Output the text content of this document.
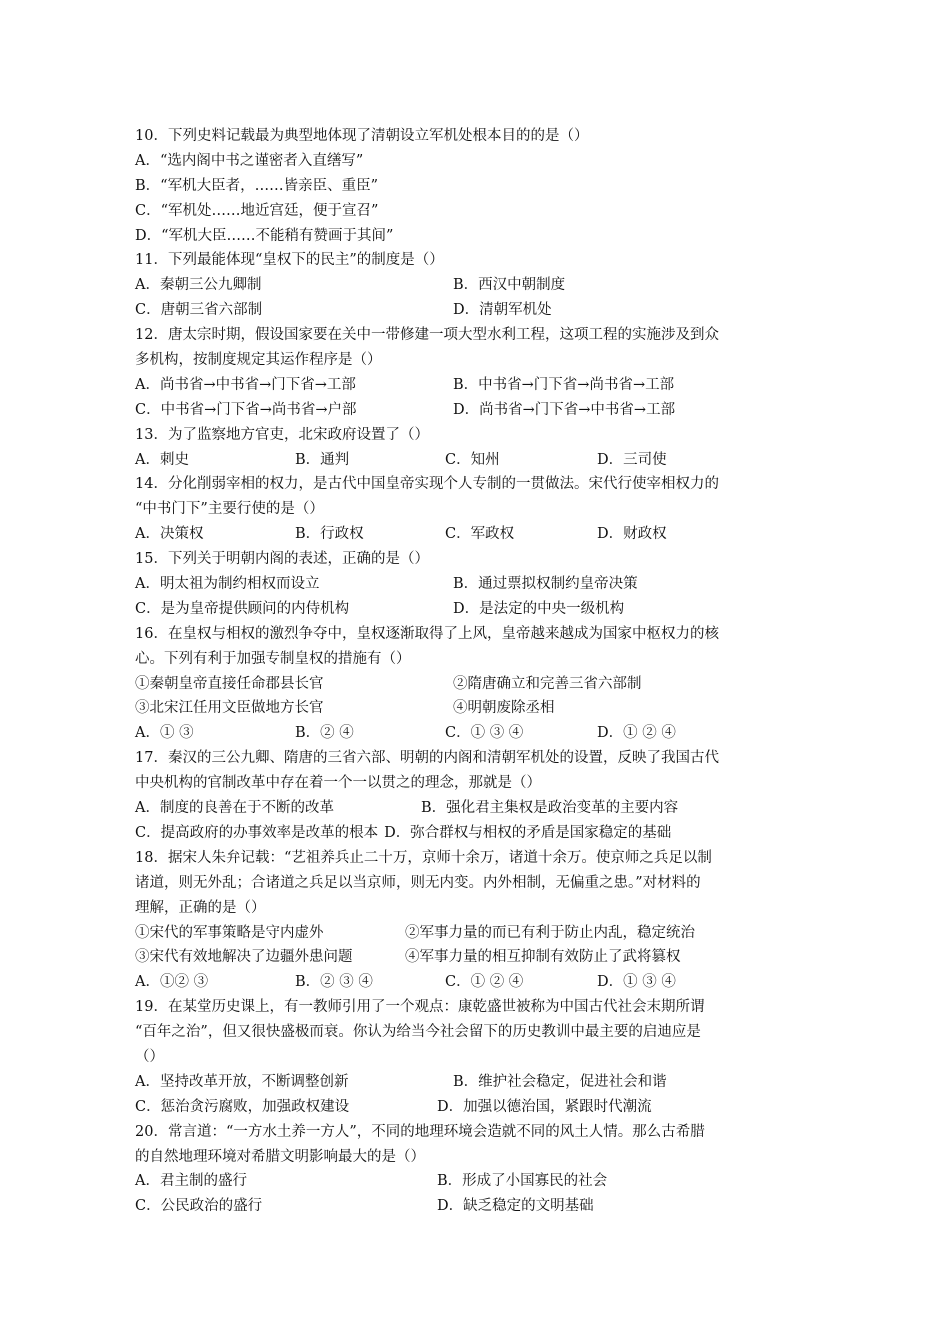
10．下列史料记载最为典型地体现了清朝设立军机处根本目的的是（）
A．“选内阁中书之谨密者入直缮写”
B．“军机大臣者，……皆亲臣、重臣”
C．“军机处……地近宫廷，便于宣召”
D．“军机大臣……不能稍有赞画于其间”
11．下列最能体现“皇权下的民主”的制度是（）
A．秦朝三公九卿制	B．西汉中朝制度
C．唐朝三省六部制	D．清朝军机处
12．唐太宗时期，假设国家要在关中一带修建一项大型水利工程，这项工程的实施涉及到众
多机构，按制度规定其运作程序是（）
A．尚书省→中书省→门下省→工部	B．中书省→门下省→尚书省→工部
C．中书省→门下省→尚书省→户部	D．尚书省→门下省→中书省→工部
13．为了监察地方官吏，北宋政府设置了（）
A．刺史	B．通判	C．知州	D．三司使
14．分化削弱宰相的权力，是古代中国皇帝实现个人专制的一贯做法。宋代行使宰相权力的
“中书门下”主要行使的是（）
A．决策权	B．行政权	C．军政权	D．财政权
15．下列关于明朝内阁的表述，正确的是（）
A．明太祖为制约相权而设立	B．通过票拟权制约皇帝决策
C．是为皇帝提供顾问的内侍机构	D．是法定的中央一级机构
16．在皇权与相权的激烈争夺中，皇权逐渐取得了上风，皇帝越来越成为国家中枢权力的核
心。下列有利于加强专制皇权的措施有（）
①秦朝皇帝直接任命郡县长官	②隋唐确立和完善三省六部制
③北宋江任用文臣做地方长官	④明朝废除丞相
A．① ③	B．② ④	C．① ③ ④	D．① ② ④
17．秦汉的三公九卿、隋唐的三省六部、明朝的内阁和清朝军机处的设置，反映了我国古代
中央机构的官制改革中存在着一个一以贯之的理念，那就是（）
A．制度的良善在于不断的改革	B．强化君主集权是政治变革的主要内容
C．提高政府的办事效率是改革的根本 D．弥合群权与相权的矛盾是国家稳定的基础
18．据宋人朱弁记载：“艺祖养兵止二十万，京师十余万，诸道十余万。使京师之兵足以制
诸道，则无外乱；合诸道之兵足以当京师，则无内变。内外相制，无偏重之患。”对材料的
理解，正确的是（）
①宋代的军事策略是守内虚外	②军事力量的而已有利于防止内乱，稳定统治
③宋代有效地解决了边疆外患问题	④军事力量的相互抑制有效防止了武将篡权
A．①② ③	B．② ③ ④	C．① ② ④	D．① ③ ④
19．在某堂历史课上，有一教师引用了一个观点：康乾盛世被称为中国古代社会末期所谓
“百年之治”，但又很快盛极而衰。你认为给当今社会留下的历史教训中最主要的启迪应是
（）
A．坚持改革开放，不断调整创新	B．维护社会稳定，促进社会和谐
C．惩治贪污腐败，加强政权建设	D．加强以德治国，紧跟时代潮流
20．常言道：“一方水土养一方人”，不同的地理环境会造就不同的风土人情。那么古希腊
的自然地理环境对希腊文明影响最大的是（）
A．君主制的盛行	B．形成了小国寡民的社会
C．公民政治的盛行	D．缺乏稳定的文明基础
